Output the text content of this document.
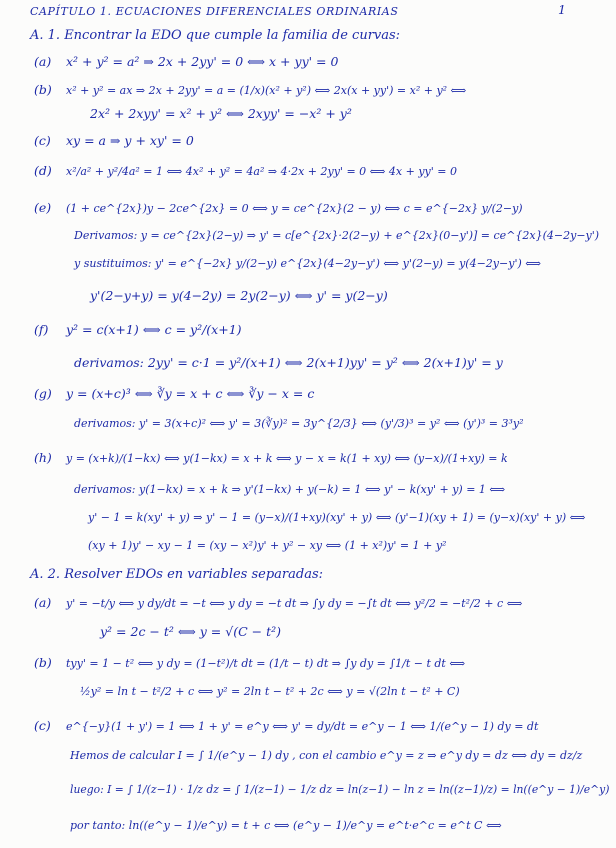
CAPÍTULO 1. ECUACIONES DIFERENCIALES ORDINARIAS	1
A. 1. Encontrar la EDO que cumple la familia de curvas:
(a) x² + y² = a² ⇒ 2x + 2yy' = 0 ⟺ x + yy' = 0
(b) x² + y² = ax ⇒ 2x + 2yy' = a = (1/x)(x² + y²) ⟺ 2x(x + yy') = x² + y² ⟺
2x² + 2xyy' = x² + y² ⟺ 2xyy' = −x² + y²
(c) xy = a ⇒ y + xy' = 0
(d) x²/a² + y²/4a² = 1 ⟺ 4x² + y² = 4a² ⇒ 4·2x + 2yy' = 0 ⟺ 4x + yy' = 0
(e) (1 + ce^{2x})y − 2ce^{2x} = 0 ⟺ y = ce^{2x}(2 − y) ⟺ c = e^{−2x} y/(2−y)
Derivamos: y = ce^{2x}(2−y) ⇒ y' = c[e^{2x}·2(2−y) + e^{2x}(0−y')] = ce^{2x}(4−2y−y')
y sustituimos: y' = e^{−2x} y/(2−y) e^{2x}(4−2y−y') ⟺ y'(2−y) = y(4−2y−y') ⟺
y'(2−y+y) = y(4−2y) = 2y(2−y) ⟺ y' = y(2−y)
(f) y² = c(x+1) ⟺ c = y²/(x+1)
derivamos: 2yy' = c·1 = y²/(x+1) ⟺ 2(x+1)yy' = y² ⟺ 2(x+1)y' = y
(g) y = (x+c)³ ⟺ ∛y = x + c ⟺ ∛y − x = c
derivamos: y' = 3(x+c)² ⟺ y' = 3(∛y)² = 3y^{2/3} ⟺ (y'/3)³ = y² ⟺ (y')³ = 3³y²
(h) y = (x+k)/(1−kx) ⟺ y(1−kx) = x + k ⟺ y − x = k(1 + xy) ⟺ (y−x)/(1+xy) = k
derivamos: y(1−kx) = x + k ⇒ y'(1−kx) + y(−k) = 1 ⟺ y' − k(xy' + y) = 1 ⟺
y' − 1 = k(xy' + y) ⇒ y' − 1 = (y−x)/(1+xy)(xy' + y) ⟺ (y'−1)(xy + 1) = (y−x)(xy' + y) ⟺
(xy + 1)y' − xy − 1 = (xy − x²)y' + y² − xy ⟺ (1 + x²)y' = 1 + y²
A. 2. Resolver EDOs en variables separadas:
(a) y' = −t/y ⟺ y dy/dt = −t ⟺ y dy = −t dt ⇒ ∫y dy = −∫t dt ⟺ y²/2 = −t²/2 + c ⟺
y² = 2c − t² ⟺ y = √(C − t²)
(b) tyy' = 1 − t² ⟺ y dy = (1−t²)/t dt = (1/t − t) dt ⇒ ∫y dy = ∫1/t − t dt ⟺
½y² = ln t − t²/2 + c ⟺ y² = 2ln t − t² + 2c ⟺ y = √(2ln t − t² + C)
(c) e^{−y}(1 + y') = 1 ⟺ 1 + y' = e^y ⟺ y' = dy/dt = e^y − 1 ⟺ 1/(e^y − 1) dy = dt
Hemos de calcular I = ∫ 1/(e^y − 1) dy , con el cambio e^y = z ⇒ e^y dy = dz ⟺ dy = dz/z
luego: I = ∫ 1/(z−1) · 1/z dz = ∫ 1/(z−1) − 1/z dz = ln(z−1) − ln z = ln((z−1)/z) = ln((e^y − 1)/e^y)
por tanto: ln((e^y − 1)/e^y) = t + c ⟺ (e^y − 1)/e^y = e^t·e^c = e^t C ⟺
